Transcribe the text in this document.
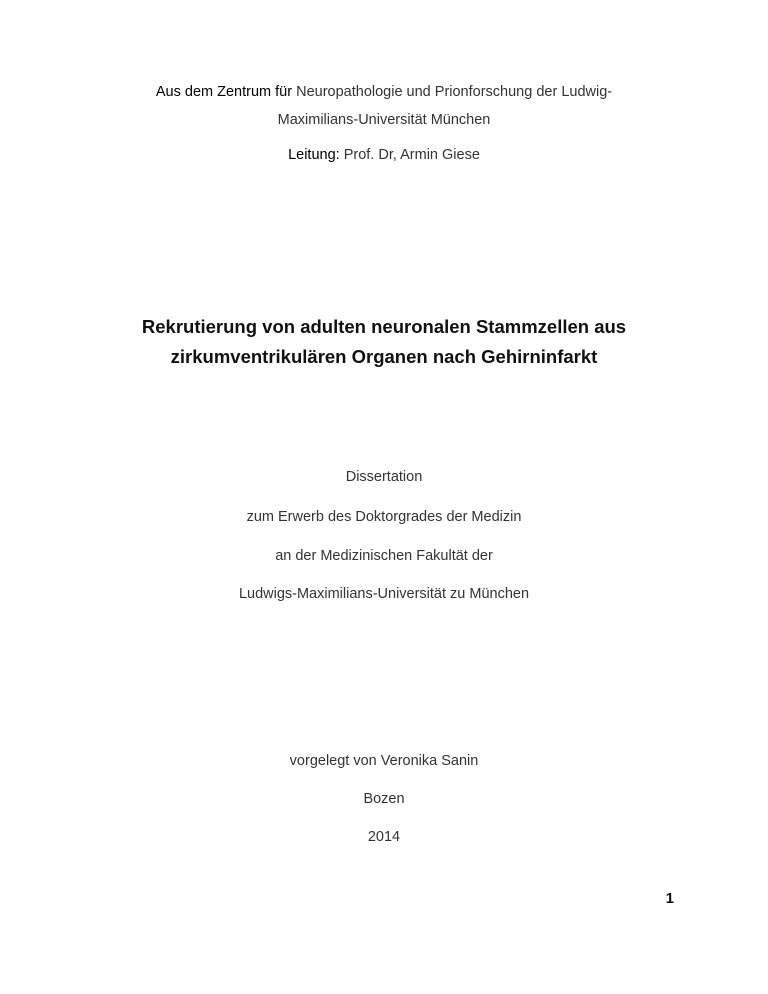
Aus dem Zentrum für Neuropathologie und Prionforschung der Ludwig-
Maximilians-Universität München
Leitung: Prof. Dr, Armin Giese
Rekrutierung von adulten neuronalen Stammzellen aus
zirkumventrikulären Organen nach Gehirninfarkt
Dissertation
zum Erwerb des Doktorgrades der Medizin
an der Medizinischen Fakultät der
Ludwigs-Maximilians-Universität zu München
vorgelegt von Veronika Sanin
Bozen
2014
1
